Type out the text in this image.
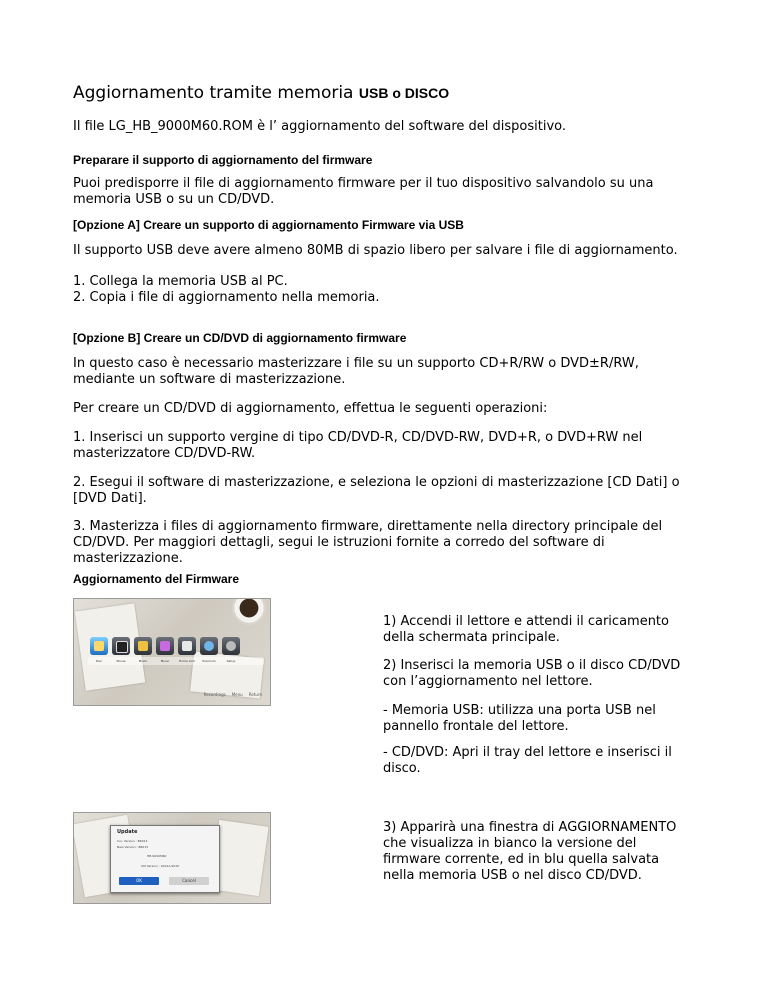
Aggiornamento tramite memoria USB o DISCO

Il file LG_HB_9000M60.ROM è l’ aggiornamento del software del dispositivo.

Preparare il supporto di aggiornamento del firmware

Puoi predisporre il file di aggiornamento firmware per il tuo dispositivo salvandolo su una memoria USB o su un CD/DVD.

[Opzione A] Creare un supporto di aggiornamento Firmware via USB

Il supporto USB deve avere almeno 80MB di spazio libero per salvare i file di aggiornamento.

1. Collega la memoria USB al PC.

2. Copia i file di aggiornamento nella memoria.

[Opzione B] Creare un CD/DVD di aggiornamento firmware

In questo caso è necessario masterizzare i file su un supporto CD+R/RW o DVD±R/RW, mediante un software di masterizzazione.

Per creare un CD/DVD di aggiornamento, effettua le seguenti operazioni:

1. Inserisci un supporto vergine di tipo CD/DVD-R, CD/DVD-RW, DVD+R, o DVD+RW nel masterizzatore CD/DVD-RW.

2. Esegui il software di masterizzazione, e seleziona le opzioni di masterizzazione [CD Dati] o [DVD Dati].

3. Masterizza i files di aggiornamento firmware, direttamente nella directory principale del CD/DVD. Per maggiori dettagli, segui le istruzioni fornite a corredo del software di masterizzazione.

Aggiornamento del Firmware

Disc	Movie	Photo	Music	Home Link	Premium	Setup
Recordings Menu Return

1) Accendi il lettore e attendi il caricamento della schermata principale.

2) Inserisci la memoria USB o il disco CD/DVD con l’aggiornamento nel lettore.

- Memoria USB: utilizza una porta USB nel pannello frontale del lettore.

- CD/DVD: Apri il tray del lettore e inserisci il disco.

Update
Cur. Version : B6014
New Version : B6015
HB-9000M60
UM Version : 9012A.9019
OK	Cancel

3) Apparirà una finestra di AGGIORNAMENTO che visualizza in bianco la versione del firmware corrente, ed in blu quella salvata nella memoria USB o nel disco CD/DVD.
